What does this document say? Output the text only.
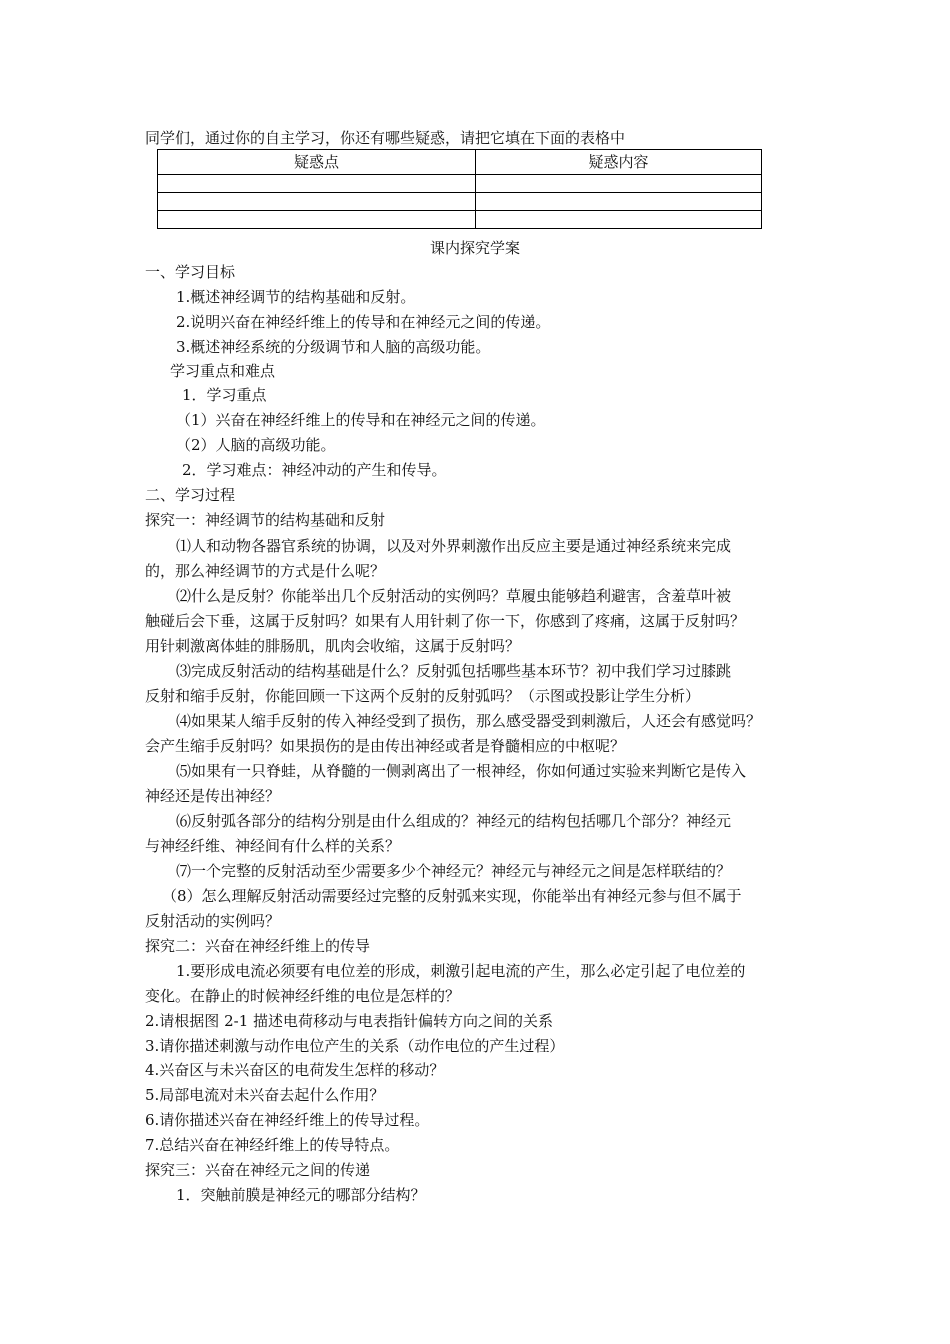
同学们，通过你的自主学习，你还有哪些疑惑，请把它填在下面的表格中
疑惑点	疑惑内容

课内探究学案
一、学习目标
1.概述神经调节的结构基础和反射。
2.说明兴奋在神经纤维上的传导和在神经元之间的传递。
3.概述神经系统的分级调节和人脑的高级功能。
学习重点和难点
1．学习重点
（1）兴奋在神经纤维上的传导和在神经元之间的传递。
（2）人脑的高级功能。
2．学习难点：神经冲动的产生和传导。
二、学习过程
探究一：神经调节的结构基础和反射
⑴人和动物各器官系统的协调，以及对外界刺激作出反应主要是通过神经系统来完成
的，那么神经调节的方式是什么呢？
⑵什么是反射？你能举出几个反射活动的实例吗？草履虫能够趋利避害，含羞草叶被
触碰后会下垂，这属于反射吗？如果有人用针刺了你一下，你感到了疼痛，这属于反射吗？
用针刺激离体蛙的腓肠肌，肌肉会收缩，这属于反射吗？
⑶完成反射活动的结构基础是什么？反射弧包括哪些基本环节？初中我们学习过膝跳
反射和缩手反射，你能回顾一下这两个反射的反射弧吗？（示图或投影让学生分析）
⑷如果某人缩手反射的传入神经受到了损伤，那么感受器受到刺激后，人还会有感觉吗？
会产生缩手反射吗？如果损伤的是由传出神经或者是脊髓相应的中枢呢？
⑸如果有一只脊蛙，从脊髓的一侧剥离出了一根神经，你如何通过实验来判断它是传入
神经还是传出神经？
⑹反射弧各部分的结构分别是由什么组成的？神经元的结构包括哪几个部分？神经元
与神经纤维、神经间有什么样的关系？
⑺一个完整的反射活动至少需要多少个神经元？神经元与神经元之间是怎样联结的？
（8）怎么理解反射活动需要经过完整的反射弧来实现，你能举出有神经元参与但不属于
反射活动的实例吗？
探究二：兴奋在神经纤维上的传导
1.要形成电流必须要有电位差的形成，刺激引起电流的产生，那么必定引起了电位差的
变化。在静止的时候神经纤维的电位是怎样的？
2.请根据图 2-1 描述电荷移动与电表指针偏转方向之间的关系
3.请你描述刺激与动作电位产生的关系（动作电位的产生过程）
4.兴奋区与未兴奋区的电荷发生怎样的移动？
5.局部电流对未兴奋去起什么作用？
6.请你描述兴奋在神经纤维上的传导过程。
7.总结兴奋在神经纤维上的传导特点。
探究三：兴奋在神经元之间的传递
1．突触前膜是神经元的哪部分结构？
